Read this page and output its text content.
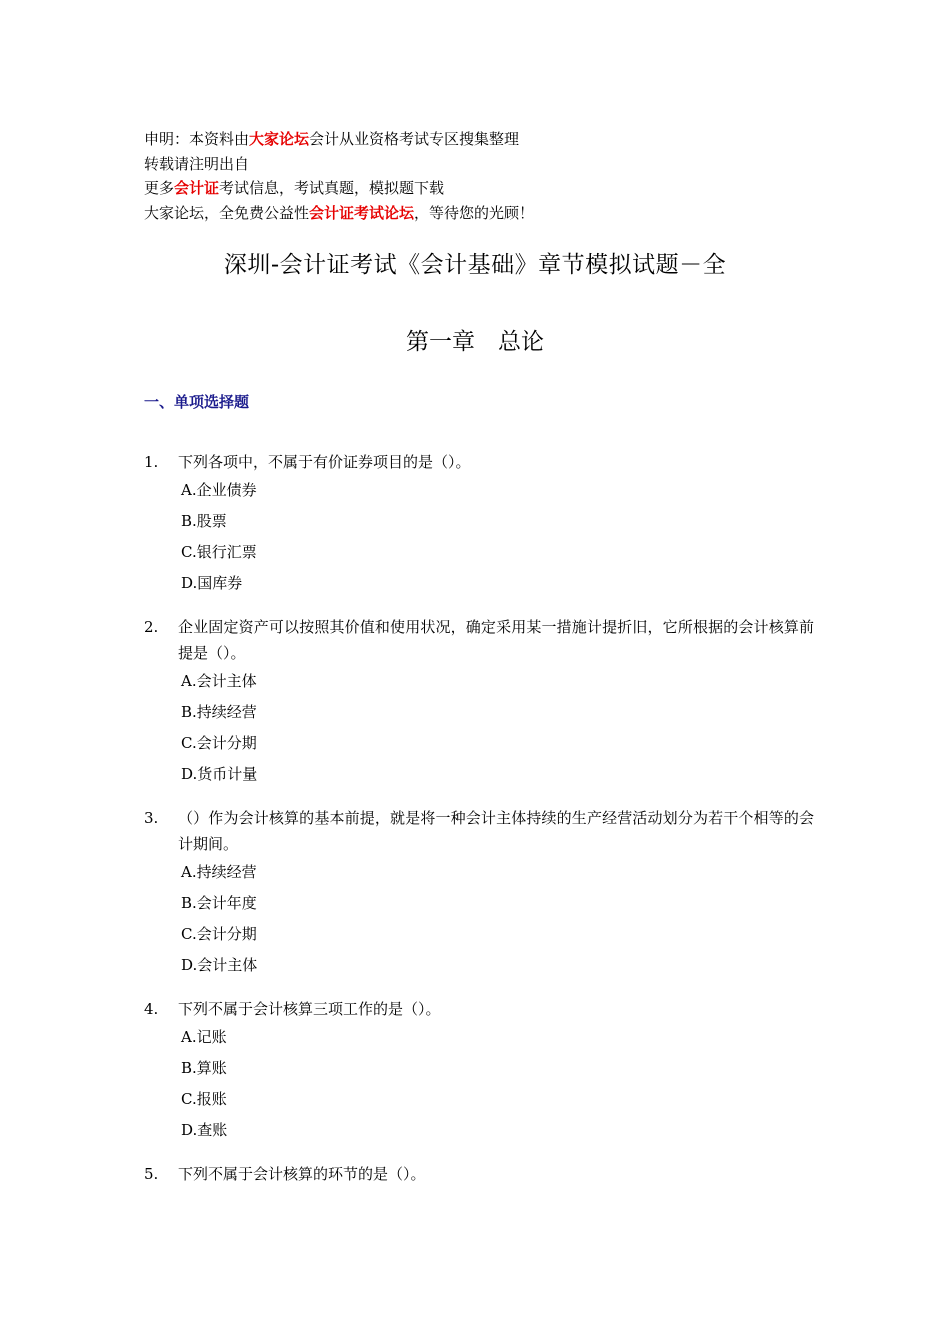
申明：本资料由大家论坛会计从业资格考试专区搜集整理
转载请注明出自
更多会计证考试信息，考试真题，模拟题下载
大家论坛，全免费公益性会计证考试论坛，等待您的光顾！
深圳-会计证考试《会计基础》章节模拟试题－全
第一章　总论
一、单项选择题
1.	下列各项中，不属于有价证券项目的是（）。
A.企业债券
B.股票
C.银行汇票
D.国库券
2.	企业固定资产可以按照其价值和使用状况，确定采用某一措施计提折旧，它所根据的会计核算前提是（）。
A.会计主体
B.持续经营
C.会计分期
D.货币计量
3.	（）作为会计核算的基本前提，就是将一种会计主体持续的生产经营活动划分为若干个相等的会计期间。
A.持续经营
B.会计年度
C.会计分期
D.会计主体
4.	下列不属于会计核算三项工作的是（）。
A.记账
B.算账
C.报账
D.查账
5.	下列不属于会计核算的环节的是（）。
